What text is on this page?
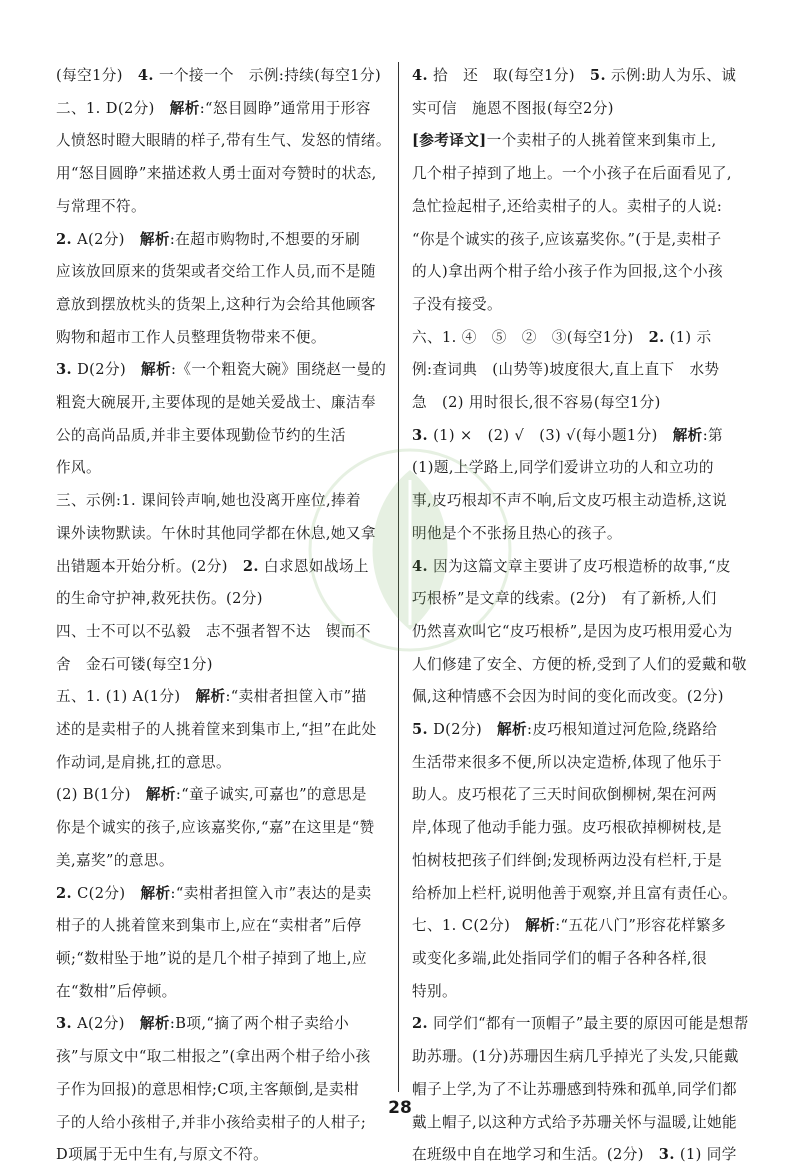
(每空1分)　4. 一个接一个　示例:持续(每空1分)
二、1. D(2分)　解析:“怒目圆睁”通常用于形容
人愤怒时瞪大眼睛的样子,带有生气、发怒的情绪。
用“怒目圆睁”来描述救人勇士面对夸赞时的状态,
与常理不符。
2. A(2分)　解析:在超市购物时,不想要的牙刷
应该放回原来的货架或者交给工作人员,而不是随
意放到摆放枕头的货架上,这种行为会给其他顾客
购物和超市工作人员整理货物带来不便。
3. D(2分)　解析:《一个粗瓷大碗》围绕赵一曼的
粗瓷大碗展开,主要体现的是她关爱战士、廉洁奉
公的高尚品质,并非主要体现勤俭节约的生活
作风。
三、示例:1. 课间铃声响,她也没离开座位,捧着
课外读物默读。午休时其他同学都在休息,她又拿
出错题本开始分析。(2分)　2. 白求恩如战场上
的生命守护神,救死扶伤。(2分)
四、士不可以不弘毅　志不强者智不达　锲而不
舍　金石可镂(每空1分)
五、1. (1) A(1分)　解析:“卖柑者担筐入市”描
述的是卖柑子的人挑着筐来到集市上,“担”在此处
作动词,是肩挑,扛的意思。
(2) B(1分)　解析:“童子诚实,可嘉也”的意思是
你是个诚实的孩子,应该嘉奖你,“嘉”在这里是“赞
美,嘉奖”的意思。
2. C(2分)　解析:“卖柑者担筐入市”表达的是卖
柑子的人挑着筐来到集市上,应在“卖柑者”后停
顿;“数柑坠于地”说的是几个柑子掉到了地上,应
在“数柑”后停顿。
3. A(2分)　解析:B项,“摘了两个柑子卖给小
孩”与原文中“取二柑报之”(拿出两个柑子给小孩
子作为回报)的意思相悖;C项,主客颠倒,是卖柑
子的人给小孩柑子,并非小孩给卖柑子的人柑子;
D项属于无中生有,与原文不符。
4. 拾　还　取(每空1分)　5. 示例:助人为乐、诚
实可信　施恩不图报(每空2分)
[参考译文]一个卖柑子的人挑着筐来到集市上,
几个柑子掉到了地上。一个小孩子在后面看见了,
急忙捡起柑子,还给卖柑子的人。卖柑子的人说:
“你是个诚实的孩子,应该嘉奖你。”(于是,卖柑子
的人)拿出两个柑子给小孩子作为回报,这个小孩
子没有接受。
六、1. ④　⑤　②　③(每空1分)　2. (1) 示
例:查词典　(山势等)坡度很大,直上直下　水势
急　(2) 用时很长,很不容易(每空1分)
3. (1) ×　(2) √　(3) √(每小题1分)　解析:第
(1)题,上学路上,同学们爱讲立功的人和立功的
事,皮巧根却不声不响,后文皮巧根主动造桥,这说
明他是个不张扬且热心的孩子。
4. 因为这篇文章主要讲了皮巧根造桥的故事,“皮
巧根桥”是文章的线索。(2分)　有了新桥,人们
仍然喜欢叫它“皮巧根桥”,是因为皮巧根用爱心为
人们修建了安全、方便的桥,受到了人们的爱戴和敬
佩,这种情感不会因为时间的变化而改变。(2分)
5. D(2分)　解析:皮巧根知道过河危险,绕路给
生活带来很多不便,所以决定造桥,体现了他乐于
助人。皮巧根花了三天时间砍倒柳树,架在河两
岸,体现了他动手能力强。皮巧根砍掉柳树枝,是
怕树枝把孩子们绊倒;发现桥两边没有栏杆,于是
给桥加上栏杆,说明他善于观察,并且富有责任心。
七、1. C(2分)　解析:“五花八门”形容花样繁多
或变化多端,此处指同学们的帽子各种各样,很
特别。
2. 同学们“都有一顶帽子”最主要的原因可能是想帮
助苏珊。(1分)苏珊因生病几乎掉光了头发,只能戴
帽子上学,为了不让苏珊感到特殊和孤单,同学们都
戴上帽子,以这种方式给予苏珊关怀与温暖,让她能
在班级中自在地学习和生活。(2分)　3. (1) 同学
28
